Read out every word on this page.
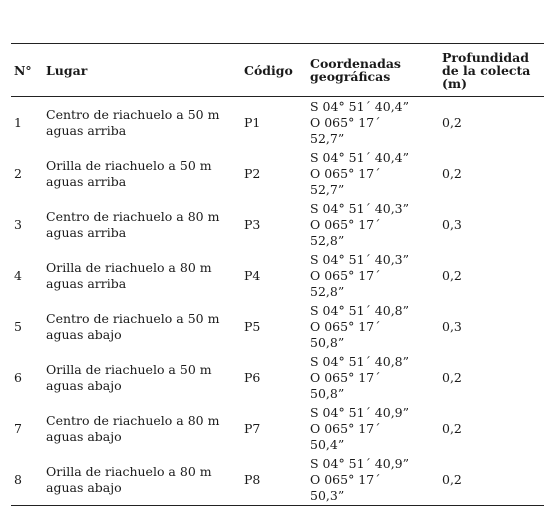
N°	Lugar	Código	Coordenadas geográficas	Profundidad de la colecta (m)
1	Centro de riachuelo a 50 m aguas arriba	P1	S 04° 51´ 40,4”
O 065° 17´
52,7”	0,2
2	Orilla de riachuelo a 50 m aguas arriba	P2	S 04° 51´ 40,4”
O 065° 17´
52,7”	0,2
3	Centro de riachuelo a 80 m aguas arriba	P3	S 04° 51´ 40,3”
O 065° 17´
52,8”	0,3
4	Orilla de riachuelo a 80 m aguas arriba	P4	S 04° 51´ 40,3”
O 065° 17´
52,8”	0,2
5	Centro de riachuelo a 50 m aguas abajo	P5	S 04° 51´ 40,8”
O 065° 17´
50,8”	0,3
6	Orilla de riachuelo a 50 m aguas abajo	P6	S 04° 51´ 40,8”
O 065° 17´
50,8”	0,2
7	Centro de riachuelo a 80 m aguas abajo	P7	S 04° 51´ 40,9”
O 065° 17´
50,4”	0,2
8	Orilla de riachuelo a 80 m aguas abajo	P8	S 04° 51´ 40,9”
O 065° 17´
50,3”	0,2
